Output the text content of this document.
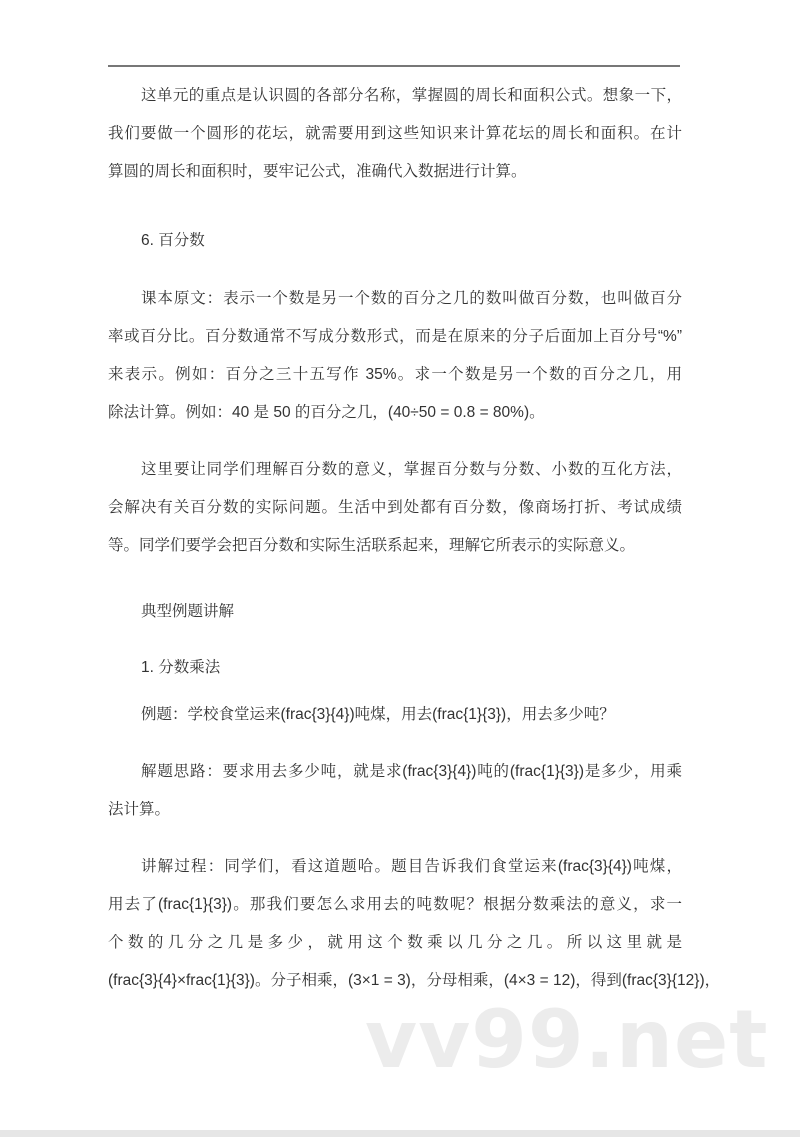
这单元的重点是认识圆的各部分名称，掌握圆的周长和面积公式。想象一下，
我们要做一个圆形的花坛，就需要用到这些知识来计算花坛的周长和面积。在计
算圆的周长和面积时，要牢记公式，准确代入数据进行计算。
6. 百分数
课本原文：表示一个数是另一个数的百分之几的数叫做百分数，也叫做百分
率或百分比。百分数通常不写成分数形式，而是在原来的分子后面加上百分号“%”
来表示。例如：百分之三十五写作 35%。求一个数是另一个数的百分之几，用
除法计算。例如：40 是 50 的百分之几，(40÷50 = 0.8 = 80%)。
这里要让同学们理解百分数的意义，掌握百分数与分数、小数的互化方法，
会解决有关百分数的实际问题。生活中到处都有百分数，像商场打折、考试成绩
等。同学们要学会把百分数和实际生活联系起来，理解它所表示的实际意义。
典型例题讲解
1. 分数乘法
例题：学校食堂运来(frac{3}{4})吨煤，用去(frac{1}{3})，用去多少吨？
解题思路：要求用去多少吨，就是求(frac{3}{4})吨的(frac{1}{3})是多少，用乘
法计算。
讲解过程：同学们，看这道题哈。题目告诉我们食堂运来(frac{3}{4})吨煤，
用去了(frac{1}{3})。那我们要怎么求用去的吨数呢？根据分数乘法的意义，求一
个数的几分之几是多少，就用这个数乘以几分之几。所以这里就是
(frac{3}{4}×frac{1}{3})。分子相乘，(3×1 = 3)，分母相乘，(4×3 = 12)，得到(frac{3}{12})，
vv99.net
